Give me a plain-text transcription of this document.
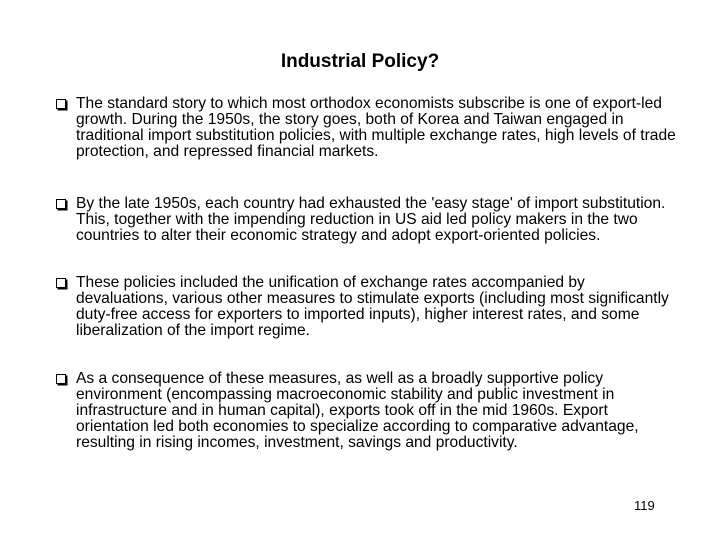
Industrial Policy?
The standard story to which most orthodox economists subscribe is one of export-led growth. During the 1950s, the story goes, both of Korea and Taiwan engaged in traditional import substitution policies, with multiple exchange rates, high levels of trade protection, and repressed financial markets.
By the late 1950s, each country had exhausted the 'easy stage' of import substitution. This, together with the impending reduction in US aid led policy makers in the two countries to alter their economic strategy and adopt export-oriented policies.
These policies included the unification of exchange rates accompanied by devaluations, various other measures to stimulate exports (including most significantly duty-free access for exporters to imported inputs), higher interest rates, and some liberalization of the import regime.
As a consequence of these measures, as well as a broadly supportive policy environment (encompassing macroeconomic stability and public investment in infrastructure and in human capital), exports took off in the mid 1960s. Export orientation led both economies to specialize according to comparative advantage, resulting in rising incomes, investment, savings and productivity.
119
